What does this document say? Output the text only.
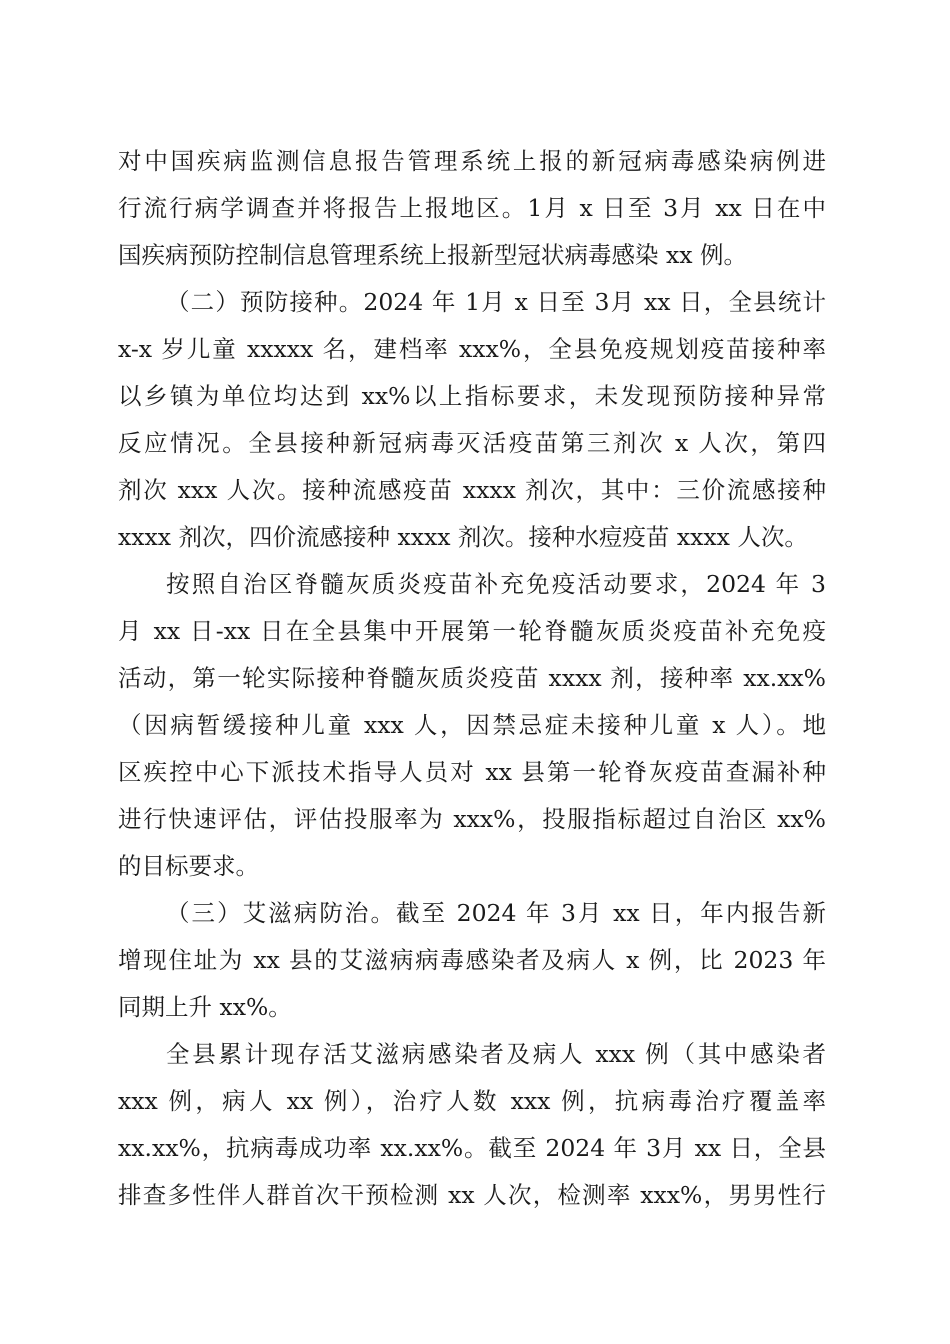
对中国疾病监测信息报告管理系统上报的新冠病毒感染病例进
行流行病学调查并将报告上报地区。1月 x 日至 3月 xx 日在中
国疾病预防控制信息管理系统上报新型冠状病毒感染 xx 例。
（二）预防接种。2024 年 1月 x 日至 3月 xx 日，全县统计
x-x 岁儿童 xxxxx 名，建档率 xxx%，全县免疫规划疫苗接种率
以乡镇为单位均达到 xx%以上指标要求，未发现预防接种异常
反应情况。全县接种新冠病毒灭活疫苗第三剂次 x 人次，第四
剂次 xxx 人次。接种流感疫苗 xxxx 剂次，其中：三价流感接种
xxxx 剂次，四价流感接种 xxxx 剂次。接种水痘疫苗 xxxx 人次。
按照自治区脊髓灰质炎疫苗补充免疫活动要求，2024 年 3
月 xx 日-xx 日在全县集中开展第一轮脊髓灰质炎疫苗补充免疫
活动，第一轮实际接种脊髓灰质炎疫苗 xxxx 剂，接种率 xx.xx%
（因病暂缓接种儿童 xxx 人，因禁忌症未接种儿童 x 人）。地
区疾控中心下派技术指导人员对 xx 县第一轮脊灰疫苗查漏补种
进行快速评估，评估投服率为 xxx%，投服指标超过自治区 xx%
的目标要求。
（三）艾滋病防治。截至 2024 年 3月 xx 日，年内报告新
增现住址为 xx 县的艾滋病病毒感染者及病人 x 例，比 2023 年
同期上升 xx%。
全县累计现存活艾滋病感染者及病人 xxx 例（其中感染者
xxx 例，病人 xx 例），治疗人数 xxx 例，抗病毒治疗覆盖率
xx.xx%，抗病毒成功率 xx.xx%。截至 2024 年 3月 xx 日，全县
排查多性伴人群首次干预检测 xx 人次，检测率 xxx%，男男性行
